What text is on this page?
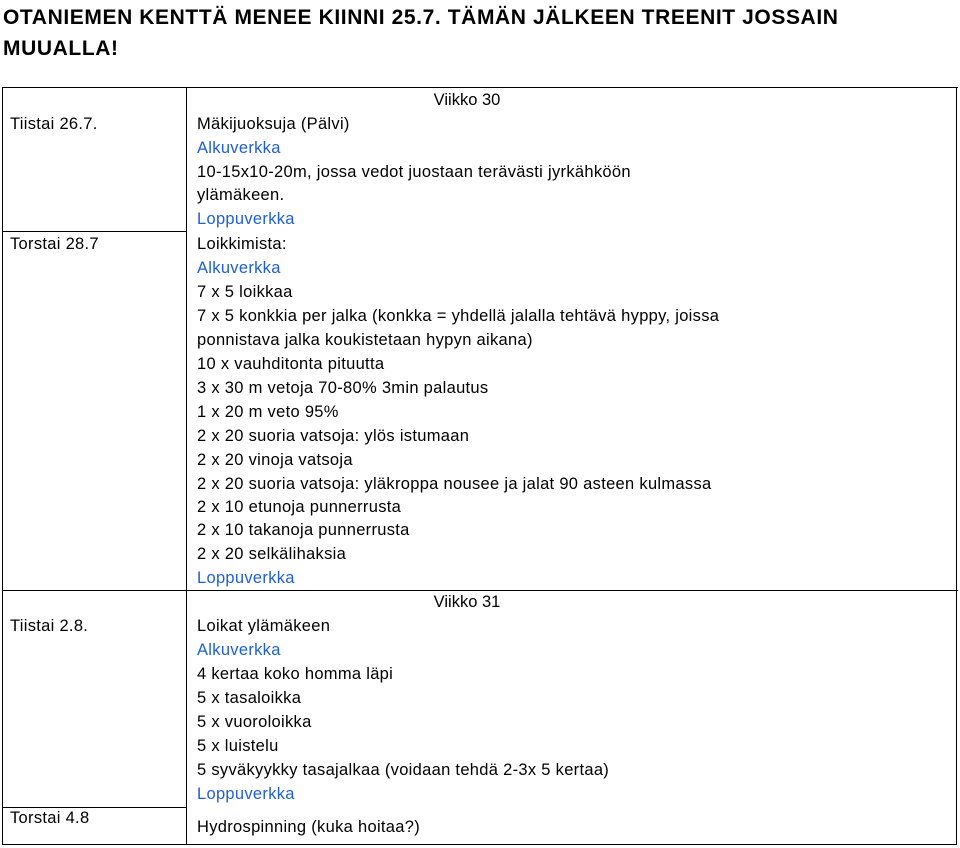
OTANIEMEN KENTTÄ MENEE KIINNI 25.7. TÄMÄN JÄLKEEN TREENIT JOSSAIN MUUALLA!
Viikko 30
Tiistai 26.7.	Mäkijuoksuja (Pälvi)
Alkuverkka
10-15x10-20m, jossa vedot juostaan terävästi jyrkähköön
ylämäkeen.
Loppuverkka
Torstai 28.7	Loikkimista:
Alkuverkka
7 x 5 loikkaa
7 x 5 konkkia per jalka (konkka = yhdellä jalalla tehtävä hyppy, joissa
ponnistava jalka koukistetaan hypyn aikana)
10 x vauhditonta pituutta
3 x 30 m vetoja 70-80% 3min palautus
1 x 20 m veto 95%
2 x 20 suoria vatsoja: ylös istumaan
2 x 20 vinoja vatsoja
2 x 20 suoria vatsoja: yläkroppa nousee ja jalat 90 asteen kulmassa
2 x 10 etunoja punnerrusta
2 x 10 takanoja punnerrusta
2 x 20 selkälihaksia
Loppuverkka
Viikko 31
Tiistai 2.8.	Loikat ylämäkeen
Alkuverkka
4 kertaa koko homma läpi
5 x tasaloikka
5 x vuoroloikka
5 x luistelu
5 syväkyykky tasajalkaa (voidaan tehdä 2-3x 5 kertaa)
Loppuverkka
Torstai 4.8	Hydrospinning (kuka hoitaa?)
